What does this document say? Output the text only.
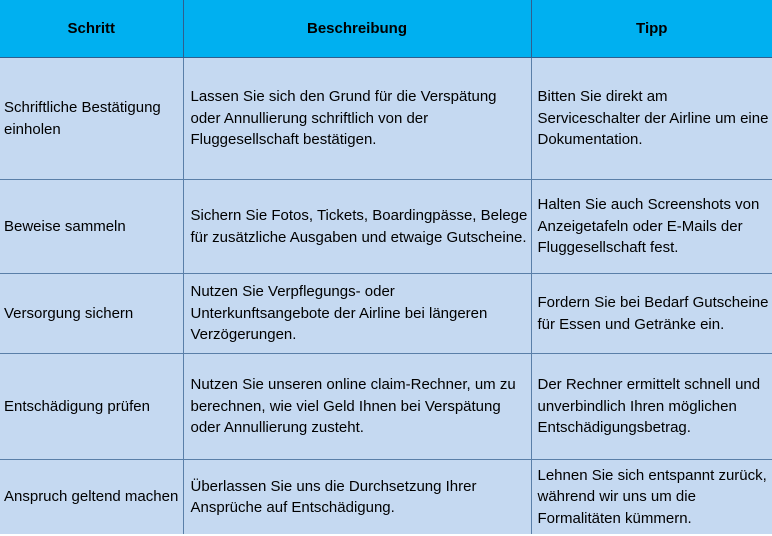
Schritt	Beschreibung	Tipp
Schriftliche Bestätigung einholen	Lassen Sie sich den Grund für die Verspätung oder Annullierung schriftlich von der Fluggesellschaft bestätigen.	Bitten Sie direkt am Serviceschalter der Airline um eine Dokumentation.
Beweise sammeln	Sichern Sie Fotos, Tickets, Boardingpässe, Belege für zusätzliche Ausgaben und etwaige Gutscheine.	Halten Sie auch Screenshots von Anzeigetafeln oder E-Mails der Fluggesellschaft fest.
Versorgung sichern	Nutzen Sie Verpflegungs- oder Unterkunftsangebote der Airline bei längeren Verzögerungen.	Fordern Sie bei Bedarf Gutscheine für Essen und Getränke ein.
Entschädigung prüfen	Nutzen Sie unseren online claim-Rechner, um zu berechnen, wie viel Geld Ihnen bei Verspätung oder Annullierung zusteht.	Der Rechner ermittelt schnell und unverbindlich Ihren möglichen Entschädigungsbetrag.
Anspruch geltend machen	Überlassen Sie uns die Durchsetzung Ihrer Ansprüche auf Entschädigung.	Lehnen Sie sich entspannt zurück, während wir uns um die Formalitäten kümmern.
